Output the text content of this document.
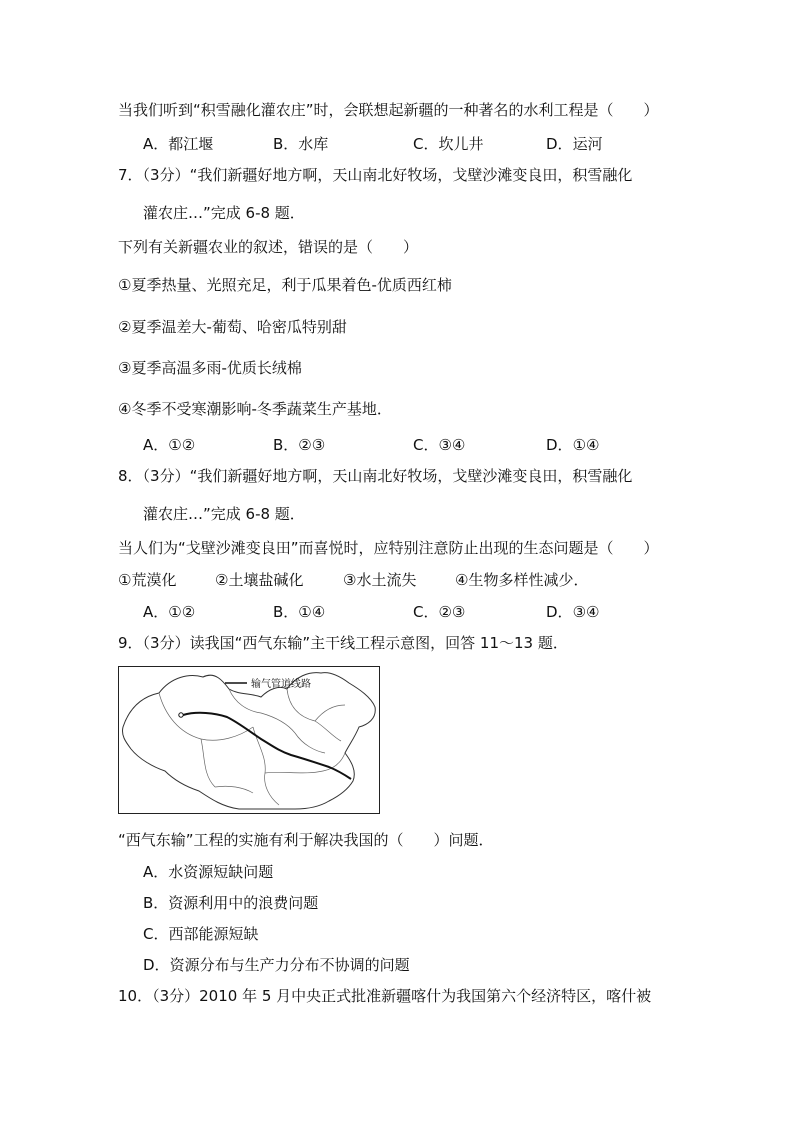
当我们听到“积雪融化灌农庄”时，会联想起新疆的一种著名的水利工程是（　　）
A．都江堰	B．水库	C．坎儿井	D．运河
7．（3分）“我们新疆好地方啊，天山南北好牧场，戈壁沙滩变良田，积雪融化
灌农庄…”完成 6-8 题．
下列有关新疆农业的叙述，错误的是（　　）
①夏季热量、光照充足，利于瓜果着色-优质西红柿
②夏季温差大-葡萄、哈密瓜特别甜
③夏季高温多雨-优质长绒棉
④冬季不受寒潮影响-冬季蔬菜生产基地．
A．①②	B．②③	C．③④	D．①④
8．（3分）“我们新疆好地方啊，天山南北好牧场，戈壁沙滩变良田，积雪融化
灌农庄…”完成 6-8 题．
当人们为“戈壁沙滩变良田”而喜悦时，应特别注意防止出现的生态问题是（　　）
①荒漠化	②土壤盐碱化	③水土流失	④生物多样性减少．
A．①②	B．①④	C．②③	D．③④
9．（3分）读我国“西气东输”主干线工程示意图，回答 11～13 题．
输气管道线路
“西气东输”工程的实施有利于解决我国的（　　）问题．
A．水资源短缺问题
B．资源利用中的浪费问题
C．西部能源短缺
D．资源分布与生产力分布不协调的问题
10．（3分）2010 年 5 月中央正式批准新疆喀什为我国第六个经济特区，喀什被
